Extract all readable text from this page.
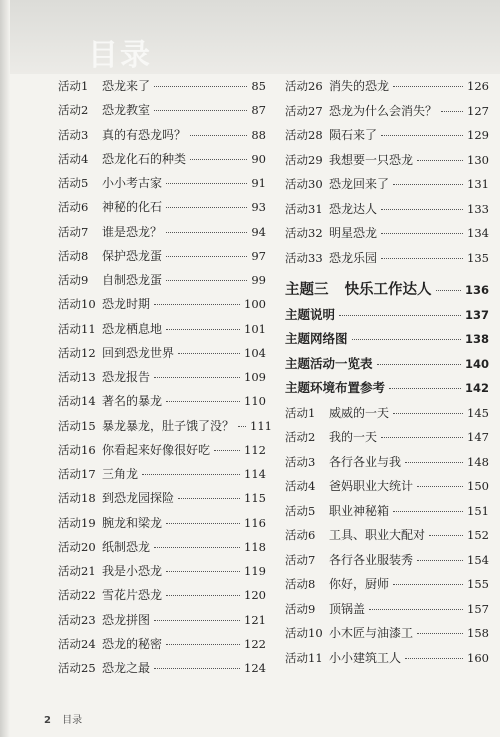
目录
活动1	恐龙来了	85
活动2	恐龙教室	87
活动3	真的有恐龙吗？	88
活动4	恐龙化石的种类	90
活动5	小小考古家	91
活动6	神秘的化石	93
活动7	谁是恐龙？	94
活动8	保护恐龙蛋	97
活动9	自制恐龙蛋	99
活动10 恐龙时期	100
活动11 恐龙栖息地	101
活动12 回到恐龙世界	104
活动13 恐龙报告	109
活动14 著名的暴龙	110
活动15 暴龙暴龙，肚子饿了没？ 111
活动16 你看起来好像很好吃	112
活动17 三角龙	114
活动18 到恐龙园探险	115
活动19 腕龙和梁龙	116
活动20 纸制恐龙	118
活动21 我是小恐龙	119
活动22 雪花片恐龙	120
活动23 恐龙拼图	121
活动24 恐龙的秘密	122
活动25 恐龙之最	124
活动26 消失的恐龙	126
活动27 恐龙为什么会消失？	127
活动28 陨石来了	129
活动29 我想要一只恐龙	130
活动30 恐龙回来了	131
活动31 恐龙达人	133
活动32 明星恐龙	134
活动33 恐龙乐园	135
主题三 快乐工作达人	136
主题说明	137
主题网络图	138
主题活动一览表	140
主题环境布置参考	142
活动1	威威的一天	145
活动2	我的一天	147
活动3	各行各业与我	148
活动4	爸妈职业大统计	150
活动5	职业神秘箱	151
活动6	工具、职业大配对	152
活动7	各行各业服装秀	154
活动8	你好，厨师	155
活动9	顶锅盖	157
活动10 小木匠与油漆工	158
活动11 小小建筑工人	160
2 目录
